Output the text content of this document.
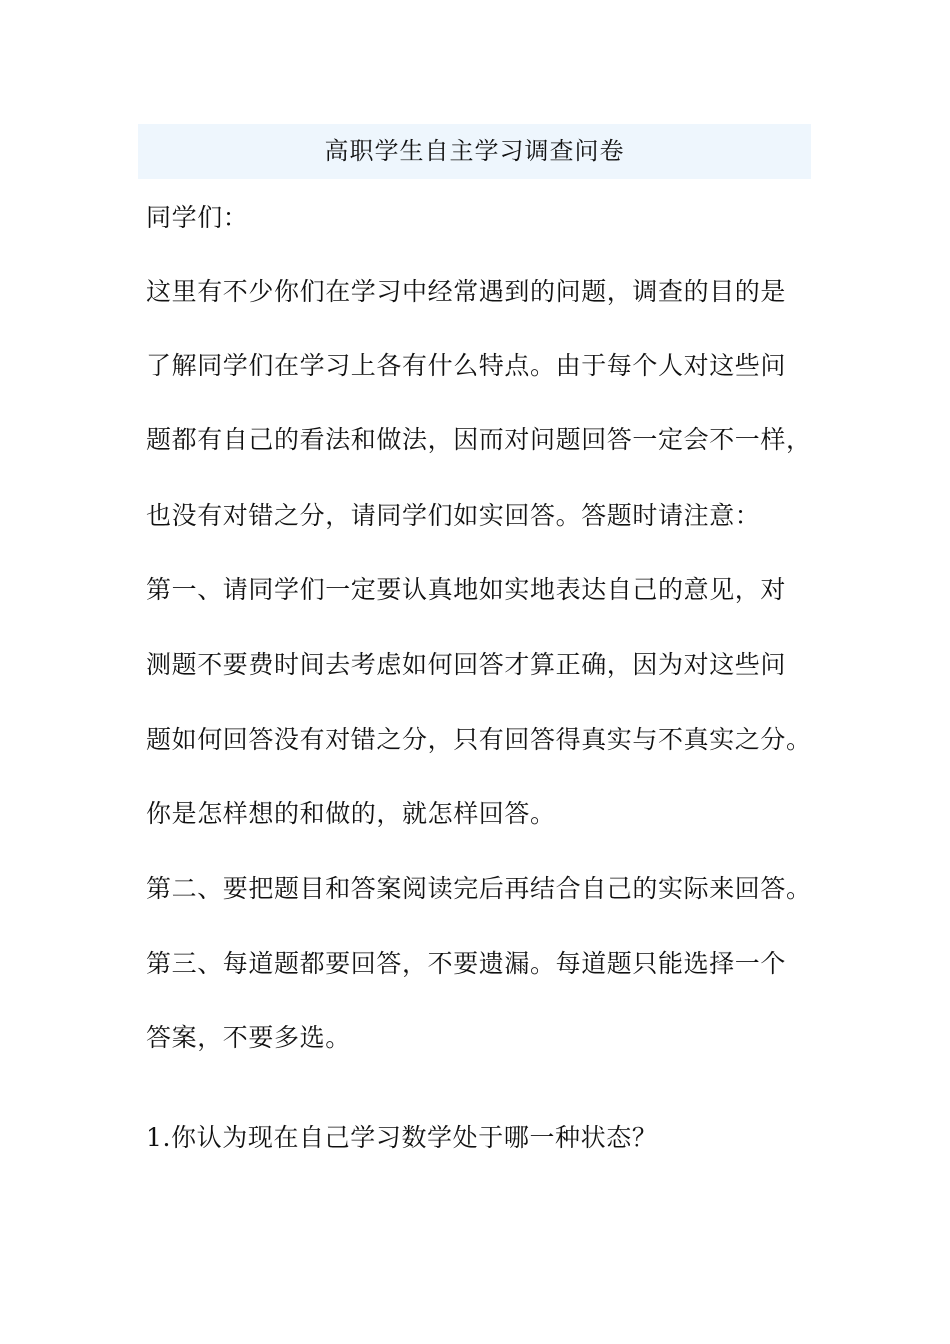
高职学生自主学习调查问卷
同学们：
这里有不少你们在学习中经常遇到的问题，调查的目的是
了解同学们在学习上各有什么特点。由于每个人对这些问
题都有自己的看法和做法，因而对问题回答一定会不一样，
也没有对错之分，请同学们如实回答。答题时请注意：
第一、请同学们一定要认真地如实地表达自己的意见，对
测题不要费时间去考虑如何回答才算正确，因为对这些问
题如何回答没有对错之分，只有回答得真实与不真实之分。
你是怎样想的和做的，就怎样回答。
第二、要把题目和答案阅读完后再结合自己的实际来回答。
第三、每道题都要回答，不要遗漏。每道题只能选择一个
答案，不要多选。
1.你认为现在自己学习数学处于哪一种状态？
